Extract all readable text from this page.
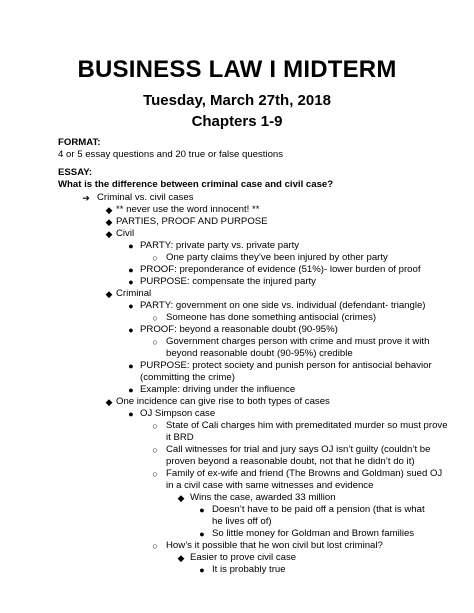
BUSINESS LAW I MIDTERM
Tuesday, March 27th, 2018
Chapters 1-9
FORMAT:
4 or 5 essay questions and 20 true or false questions
ESSAY:
What is the difference between criminal case and civil case?
➔ Criminal vs. civil cases
◆ ** never use the word innocent! **
◆ PARTIES, PROOF AND PURPOSE
◆ Civil
● PARTY: private party vs. private party
○ One party claims they’ve been injured by other party
● PROOF: preponderance of evidence (51%)- lower burden of proof
● PURPOSE: compensate the injured party
◆ Criminal
● PARTY: government on one side vs. individual (defendant- triangle)
○ Someone has done something antisocial (crimes)
● PROOF: beyond a reasonable doubt (90-95%)
○ Government charges person with crime and must prove it with
beyond reasonable doubt (90-95%) credible
● PURPOSE: protect society and punish person for antisocial behavior
(committing the crime)
● Example: driving under the influence
◆ One incidence can give rise to both types of cases
● OJ Simpson case
○ State of Cali charges him with premeditated murder so must prove
it BRD
○ Call witnesses for trial and jury says OJ isn’t guilty (couldn’t be
proven beyond a reasonable doubt, not that he didn’t do it)
○ Family of ex-wife and friend (The Browns and Goldman) sued OJ
in a civil case with same witnesses and evidence
◆ Wins the case, awarded 33 million
● Doesn’t have to be paid off a pension (that is what
he lives off of)
● So little money for Goldman and Brown families
○ How’s it possible that he won civil but lost criminal?
◆ Easier to prove civil case
● It is probably true
